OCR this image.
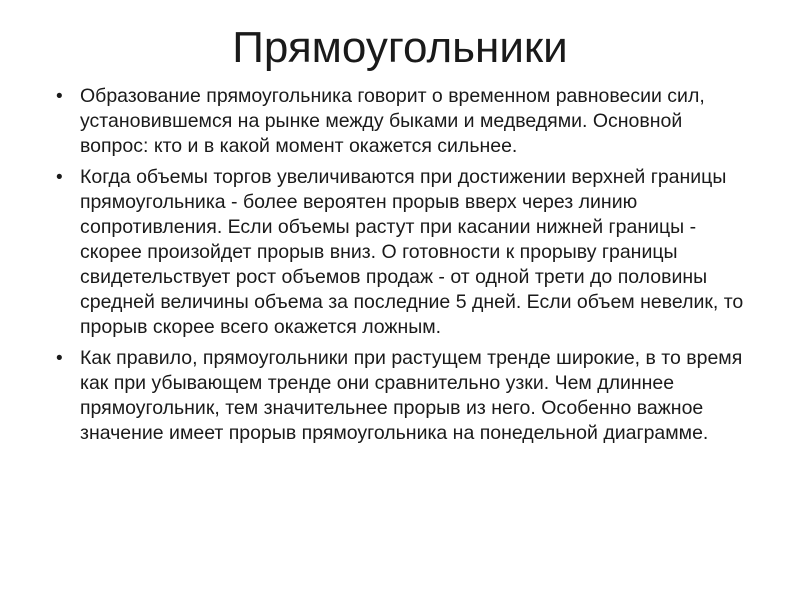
Прямоугольники
• Образование прямоугольника говорит о временном равновесии сил, установившемся на рынке между быками и медведями. Основной вопрос: кто и в какой момент окажется сильнее.
• Когда объемы торгов увеличиваются при достижении верхней границы прямоугольника - более вероятен прорыв вверх через линию сопротивления. Если объемы растут при касании нижней границы - скорее произойдет прорыв вниз. О готовности к прорыву границы свидетельствует рост объемов продаж - от одной трети до половины средней величины объема за последние 5 дней. Если объем невелик, то прорыв скорее всего окажется ложным.
• Как правило, прямоугольники при растущем тренде широкие, в то время как при убывающем тренде они сравнительно узки. Чем длиннее прямоугольник, тем значительнее прорыв из него. Особенно важное значение имеет прорыв прямоугольника на понедельной диаграмме.
